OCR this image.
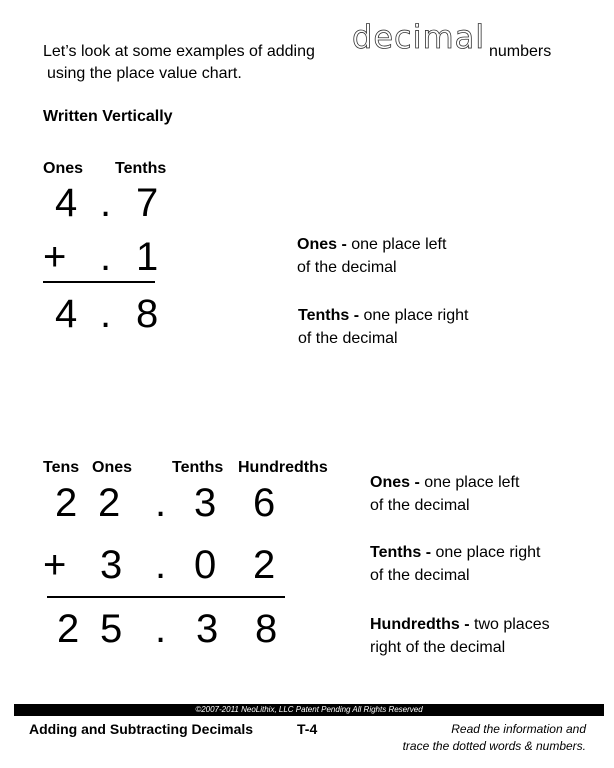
Let’s look at some examples of adding decimal numbers
using the place value chart.
Written Vertically
Ones Tenths
4 . 7
+ . 1
4 . 8
Ones - one place left
of the decimal
Tenths - one place right
of the decimal
Tens Ones Tenths Hundredths
2 2 . 3 6
+ 3 . 0 2
2 5 . 3 8
Ones - one place left
of the decimal
Tenths - one place right
of the decimal
Hundredths - two places
right of the decimal
©2007-2011 NeoLithix, LLC Patent Pending All Rights Reserved
Adding and Subtracting Decimals	T-4	Read the information and
trace the dotted words & numbers.
